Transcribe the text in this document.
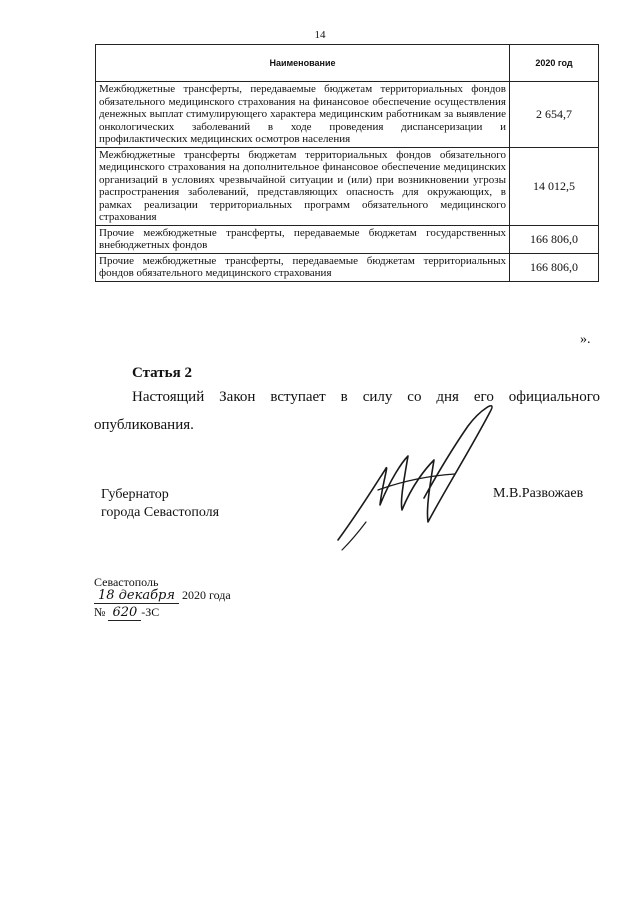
14
Наименование	2020 год
Межбюджетные трансферты, передаваемые бюджетам территориальных фондов обязательного медицинского страхования на финансовое обеспечение осуществления денежных выплат стимулирующего характера медицинским работникам за выявление онкологических заболеваний в ходе проведения диспансеризации и профилактических медицинских осмотров населения	2 654,7
Межбюджетные трансферты бюджетам территориальных фондов обязательного медицинского страхования на дополнительное финансовое обеспечение медицинских организаций в условиях чрезвычайной ситуации и (или) при возникновении угрозы распространения заболеваний, представляющих опасность для окружающих, в рамках реализации территориальных программ обязательного медицинского страхования	14 012,5
Прочие межбюджетные трансферты, передаваемые бюджетам государственных внебюджетных фондов	166 806,0
Прочие межбюджетные трансферты, передаваемые бюджетам территориальных фондов обязательного медицинского страхования	166 806,0
».
Статья 2

Настоящий Закон вступает в силу со дня его официального опубликования.

Губернатор
города Севастополя
М.В.Развожаев
Севастополь
18 декабря 2020 года
№ 620 -ЗС
